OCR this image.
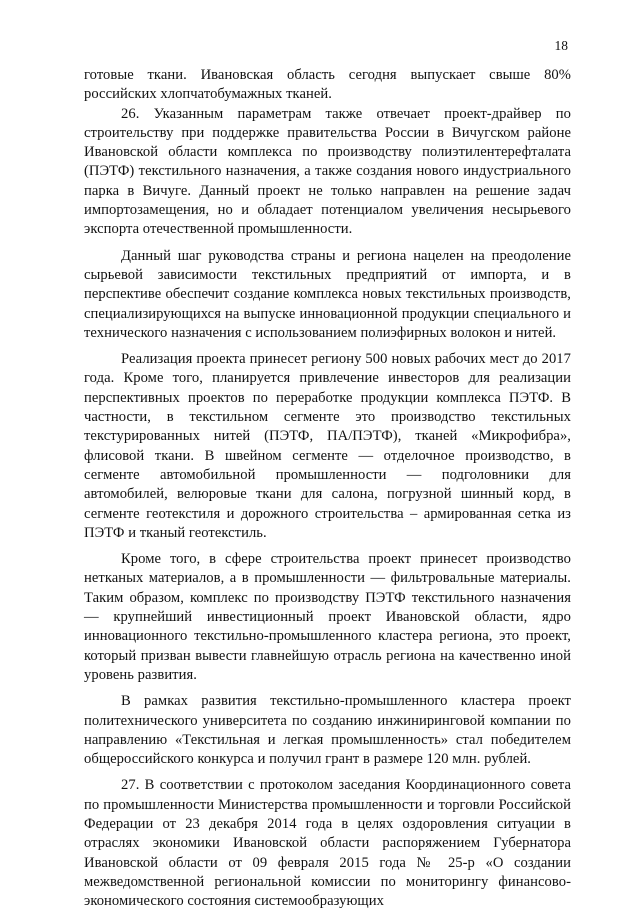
18

готовые ткани. Ивановская область сегодня выпускает свыше 80% российских хлопчатобумажных тканей.

26. Указанным параметрам также отвечает проект-драйвер по строительству при поддержке правительства России в Вичугском районе Ивановской области комплекса по производству полиэтилентерефталата (ПЭТФ) текстильного назначения, а также создания нового индустриального парка в Вичуге. Данный проект не только направлен на решение задач импортозамещения, но и обладает потенциалом увеличения несырьевого экспорта отечественной промышленности.

Данный шаг руководства страны и региона нацелен на преодоление сырьевой зависимости текстильных предприятий от импорта, и в перспективе обеспечит создание комплекса новых текстильных производств, специализирующихся на выпуске инновационной продукции специального и технического назначения с использованием полиэфирных волокон и нитей.

Реализация проекта принесет региону 500 новых рабочих мест до 2017 года. Кроме того, планируется привлечение инвесторов для реализации перспективных проектов по переработке продукции комплекса ПЭТФ. В частности, в текстильном сегменте это производство текстильных текстурированных нитей (ПЭТФ, ПА/ПЭТФ), тканей «Микрофибра», флисовой ткани. В швейном сегменте — отделочное производство, в сегменте автомобильной промышленности — подголовники для автомобилей, велюровые ткани для салона, погрузной шинный корд, в сегменте геотекстиля и дорожного строительства – армированная сетка из ПЭТФ и тканый геотекстиль.

Кроме того, в сфере строительства проект принесет производство нетканых материалов, а в промышленности — фильтровальные материалы. Таким образом, комплекс по производству ПЭТФ текстильного назначения — крупнейший инвестиционный проект Ивановской области, ядро инновационного текстильно-промышленного кластера региона, это проект, который призван вывести главнейшую отрасль региона на качественно иной уровень развития.

В рамках развития текстильно-промышленного кластера проект политехнического университета по созданию инжиниринговой компании по направлению «Текстильная и легкая промышленность» стал победителем общероссийского конкурса и получил грант в размере 120 млн. рублей.

27. В соответствии с протоколом заседания Координационного совета по промышленности Министерства промышленности и торговли Российской Федерации от 23 декабря 2014 года в целях оздоровления ситуации в отраслях экономики Ивановской области распоряжением Губернатора Ивановской области от 09 февраля 2015 года № 25-р «О создании межведомственной региональной комиссии по мониторингу финансово-экономического состояния системообразующих
